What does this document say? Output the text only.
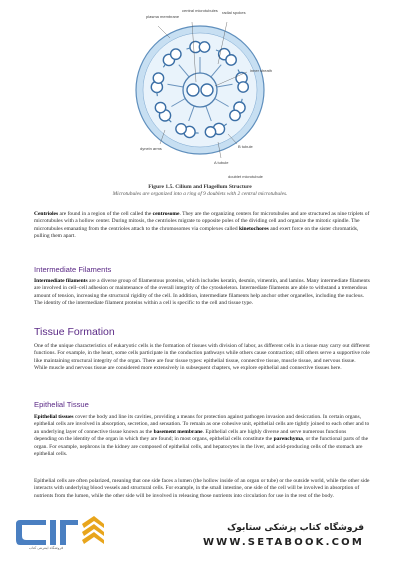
plasma membrane
central microtubules radial spokes
inner sheath
dynein arms	B tubule
A tubule
doublet microtubule
Figure 1.5. Cilium and Flagellum Structure
Microtubules are organized into a ring of 9 doublets with 2 central microtubules.
Centrioles are found in a region of the cell called the centrosome. They are the organizing centers for microtubules and are structured as nine triplets of microtubules with a hollow center. During mitosis, the centrioles migrate to opposite poles of the dividing cell and organize the mitotic spindle. The microtubules emanating from the centrioles attach to the chromosomes via complexes called kinetochores and exert force on the sister chromatids, pulling them apart.
Intermediate Filaments
Intermediate filaments are a diverse group of filamentous proteins, which includes keratin, desmin, vimentin, and lamins. Many intermediate filaments are involved in cell–cell adhesion or maintenance of the overall integrity of the cytoskeleton. Intermediate filaments are able to withstand a tremendous amount of tension, increasing the structural rigidity of the cell. In addition, intermediate filaments help anchor other organelles, including the nucleus. The identity of the intermediate filament proteins within a cell is specific to the cell and tissue type.
Tissue Formation
One of the unique characteristics of eukaryotic cells is the formation of tissues with division of labor, as different cells in a tissue may carry out different functions. For example, in the heart, some cells participate in the conduction pathways while others cause contraction; still others serve a supportive role like maintaining structural integrity of the organ. There are four tissue types: epithelial tissue, connective tissue, muscle tissue, and nervous tissue. While muscle and nervous tissue are considered more extensively in subsequent chapters, we explore epithelial and connective tissues here.
Epithelial Tissue
Epithelial tissues cover the body and line its cavities, providing a means for protection against pathogen invasion and desiccation. In certain organs, epithelial cells are involved in absorption, secretion, and sensation. To remain as one cohesive unit, epithelial cells are tightly joined to each other and to an underlying layer of connective tissue known as the basement membrane. Epithelial cells are highly diverse and serve numerous functions depending on the identity of the organ in which they are found; in most organs, epithelial cells constitute the parenchyma, or the functional parts of the organ. For example, nephrons in the kidney are composed of epithelial cells, and hepatocytes in the liver, and acid-producing cells of the stomach are epithelial cells.
Epithelial cells are often polarized, meaning that one side faces a lumen (the hollow inside of an organ or tube) or the outside world, while the other side interacts with underlying blood vessels and structural cells. For example, in the small intestine, one side of the cell will be involved in absorption of nutrients from the lumen, while the other side will be involved in releasing those nutrients into circulation for use in the rest of the body.
فروشگاه اینترنتی کتاب
فروشگاه کتاب پزشکی ستابوک
WWW.SETABOOK.COM
